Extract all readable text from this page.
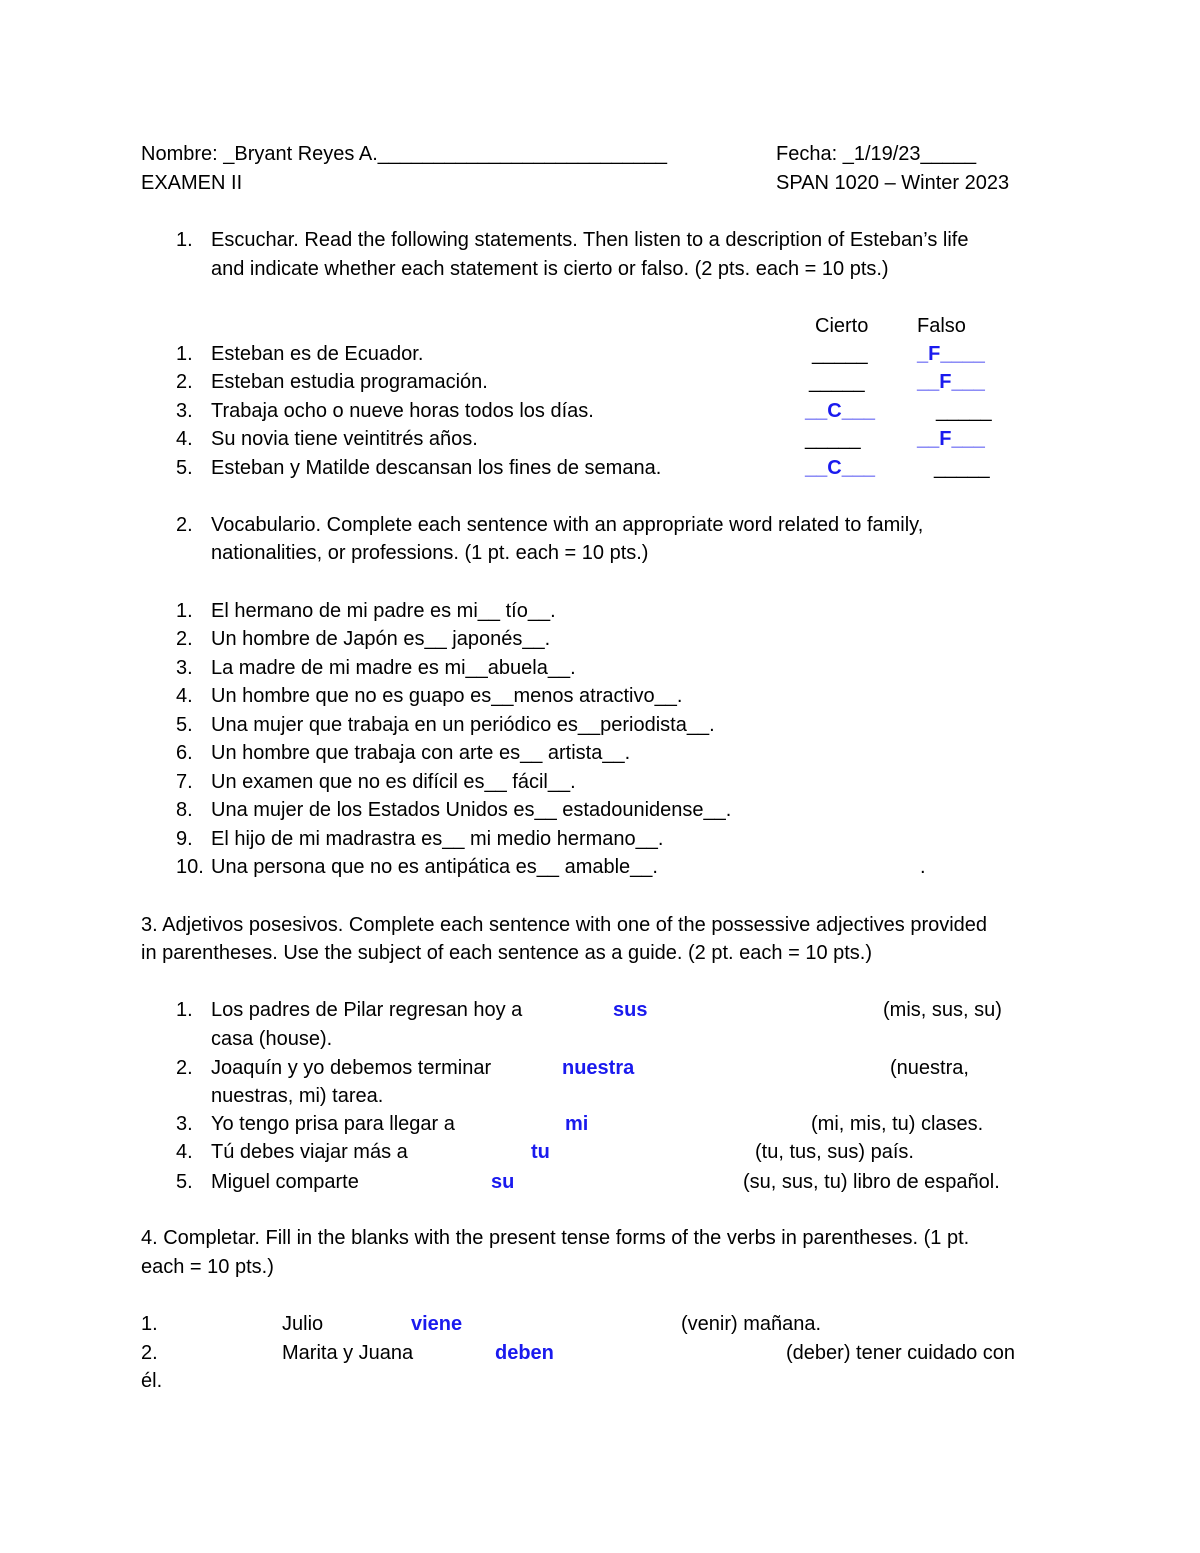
Nombre: _Bryant Reyes A.__________________________	Fecha: _1/19/23_____
EXAMEN II	SPAN 1020 – Winter 2023
1. Escuchar. Read the following statements. Then listen to a description of Esteban’s life
and indicate whether each statement is cierto or falso. (2 pts. each = 10 pts.)
Cierto Falso
1. Esteban es de Ecuador.	_____ _F____
2. Esteban estudia programación.	_____	__F___
3. Trabaja ocho o nueve horas todos los días.	__C___	_____
4. Su novia tiene veintitrés años.	_____	__F___
5. Esteban y Matilde descansan los fines de semana.	__C___	_____
2. Vocabulario. Complete each sentence with an appropriate word related to family,
nationalities, or professions. (1 pt. each = 10 pts.)
1. El hermano de mi padre es mi__ tío__.
2. Un hombre de Japón es__ japonés__.
3. La madre de mi madre es mi__abuela__.
4. Un hombre que no es guapo es__menos atractivo__.
5. Una mujer que trabaja en un periódico es__periodista__.
6. Un hombre que trabaja con arte es__ artista__.
7. Un examen que no es difícil es__ fácil__.
8. Una mujer de los Estados Unidos es__ estadounidense__.
9. El hijo de mi madrastra es__ mi medio hermano__.
10. Una persona que no es antipática es__ amable__.	.
3. Adjetivos posesivos. Complete each sentence with one of the possessive adjectives provided
in parentheses. Use the subject of each sentence as a guide. (2 pt. each = 10 pts.)
1. Los padres de Pilar regresan hoy a	sus	(mis, sus, su)
casa (house).
2. Joaquín y yo debemos terminar	nuestra	(nuestra,
nuestras, mi) tarea.
3. Yo tengo prisa para llegar a	mi	(mi, mis, tu) clases.
4. Tú debes viajar más a	tu	(tu, tus, sus) país.
5. Miguel comparte	su	(su, sus, tu) libro de español.
4. Completar. Fill in the blanks with the present tense forms of the verbs in parentheses. (1 pt.
each = 10 pts.)
1.	Julio	viene	(venir) mañana.
2.	Marita y Juana	deben	(deber) tener cuidado con
él.
